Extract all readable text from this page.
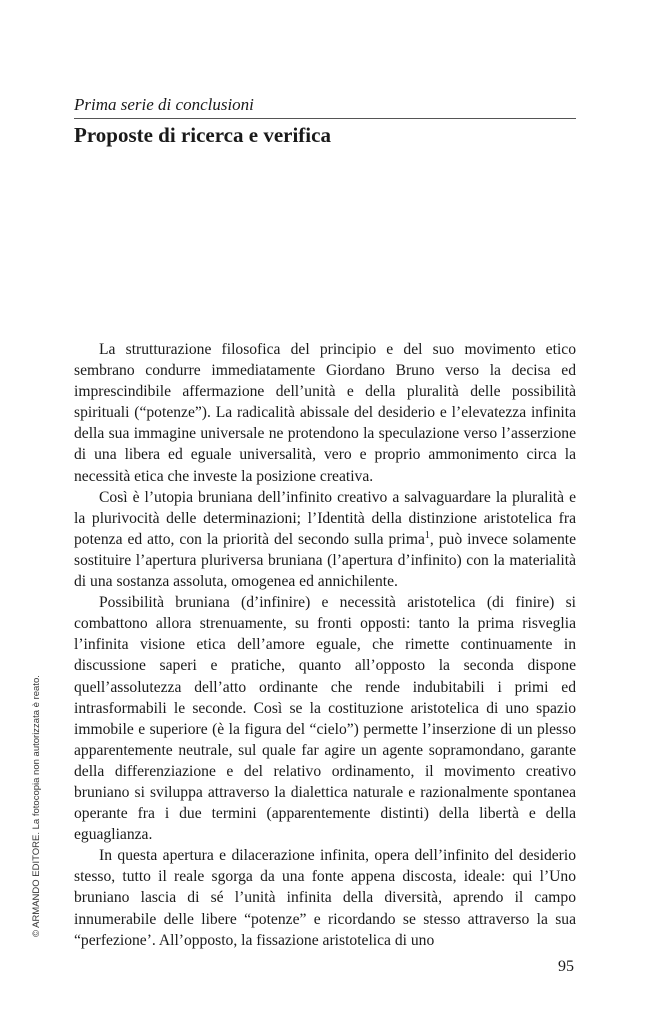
Prima serie di conclusioni

Proposte di ricerca e verifica

La strutturazione filosofica del principio e del suo movimento etico sembrano condurre immediatamente Giordano Bruno verso la decisa ed imprescindibile affermazione dell’unità e della pluralità delle possibilità spirituali (“potenze”). La radicalità abissale del desiderio e l’elevatezza infinita della sua immagine universale ne protendono la speculazione verso l’asserzione di una libera ed eguale universalità, vero e proprio ammonimento circa la necessità etica che investe la posizione creativa.

Così è l’utopia bruniana dell’infinito creativo a salvaguardare la pluralità e la plurivocità delle determinazioni; l’Identità della distinzione aristotelica fra potenza ed atto, con la priorità del secondo sulla prima$^1$, può invece solamente sostituire l’apertura pluriversa bruniana (l’apertura d’infinito) con la materialità di una sostanza assoluta, omogenea ed annichilente.

Possibilità bruniana (d’infinire) e necessità aristotelica (di finire) si combattono allora strenuamente, su fronti opposti: tanto la prima risveglia l’infinita visione etica dell’amore eguale, che rimette continuamente in discussione saperi e pratiche, quanto all’opposto la seconda dispone quell’assolutezza dell’atto ordinante che rende indubitabili i primi ed intrasformabili le seconde. Così se la costituzione aristotelica di uno spazio immobile e superiore (è la figura del “cielo”) permette l’inserzione di un plesso apparentemente neutrale, sul quale far agire un agente sopramondano, garante della differenziazione e del relativo ordinamento, il movimento creativo bruniano si sviluppa attraverso la dialettica naturale e razionalmente spontanea operante fra i due termini (apparentemente distinti) della libertà e della eguaglianza.

In questa apertura e dilacerazione infinita, opera dell’infinito del desiderio stesso, tutto il reale sgorga da una fonte appena discosta, ideale: qui l’Uno bruniano lascia di sé l’unità infinita della diversità, aprendo il campo innumerabile delle libere “potenze” e ricordando se stesso attraverso la sua “perfezione’. All’opposto, la fissazione aristotelica di uno

95
© ARMANDO EDITORE. La fotocopia non autorizzata è reato.
